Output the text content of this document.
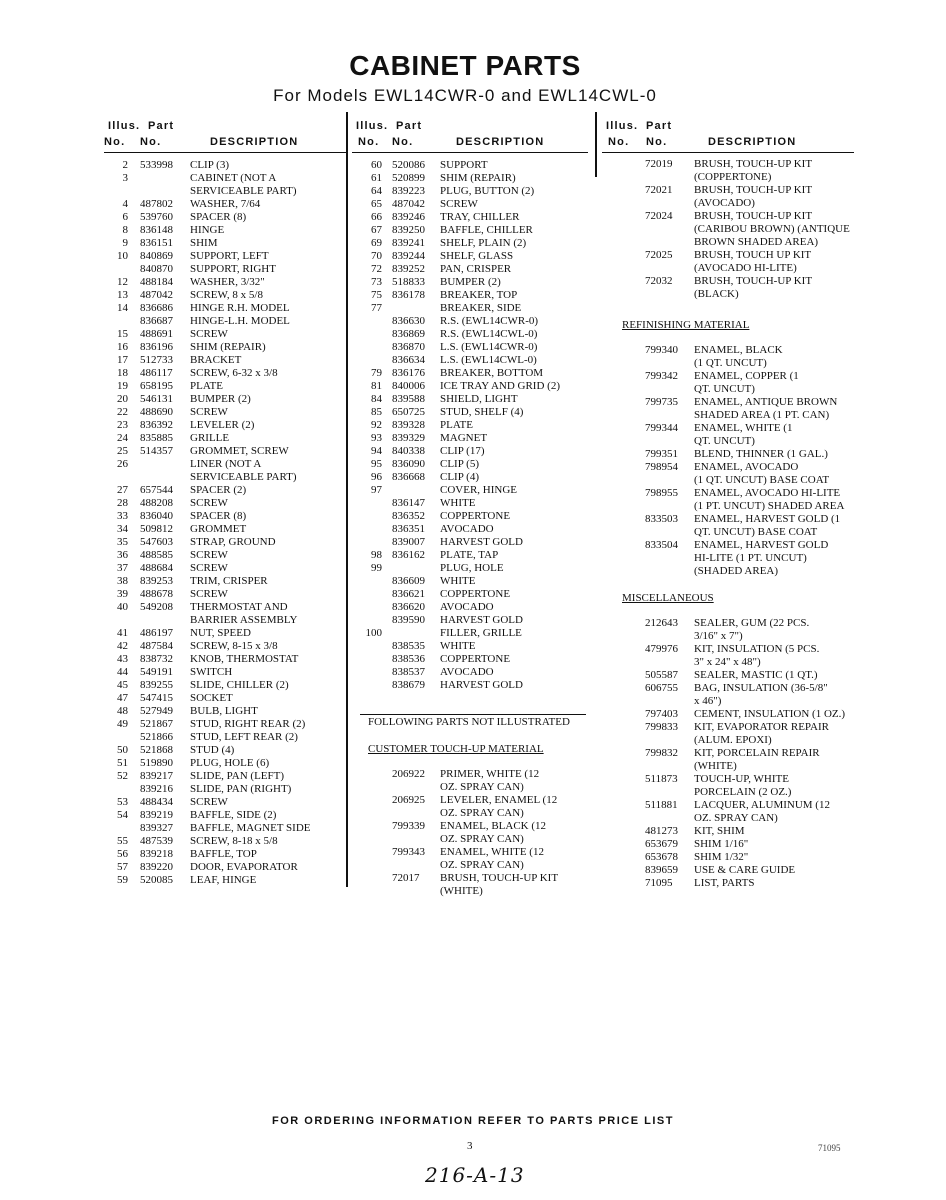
CABINET PARTS
For Models EWL14CWR-0 and EWL14CWL-0
Illus. Part
No. No.	DESCRIPTION
2 533998 CLIP (3)
3	CABINET (NOT A
SERVICEABLE PART)
4 487802 WASHER, 7/64
6 539760 SPACER (8)
8 836148 HINGE
9 836151 SHIM
10 840869 SUPPORT, LEFT
840870 SUPPORT, RIGHT
12 488184 WASHER, 3/32"
13 487042 SCREW, 8 x 5/8
14 836686 HINGE R.H. MODEL
836687 HINGE-L.H. MODEL
15 488691 SCREW
16 836196 SHIM (REPAIR)
17 512733 BRACKET
18 486117 SCREW, 6-32 x 3/8
19 658195 PLATE
20 546131 BUMPER (2)
22 488690 SCREW
23 836392 LEVELER (2)
24 835885 GRILLE
25 514357 GROMMET, SCREW
26	LINER (NOT A
SERVICEABLE PART)
27 657544 SPACER (2)
28 488208 SCREW
33 836040 SPACER (8)
34 509812 GROMMET
35 547603 STRAP, GROUND
36 488585 SCREW
37 488684 SCREW
38 839253 TRIM, CRISPER
39 488678 SCREW
40 549208 THERMOSTAT AND
BARRIER ASSEMBLY
41 486197 NUT, SPEED
42 487584 SCREW, 8-15 x 3/8
43 838732 KNOB, THERMOSTAT
44 549191 SWITCH
45 839255 SLIDE, CHILLER (2)
47 547415 SOCKET
48 527949 BULB, LIGHT
49 521867 STUD, RIGHT REAR (2)
521866 STUD, LEFT REAR (2)
50 521868 STUD (4)
51 519890 PLUG, HOLE (6)
52 839217 SLIDE, PAN (LEFT)
839216 SLIDE, PAN (RIGHT)
53 488434 SCREW
54 839219 BAFFLE, SIDE (2)
839327 BAFFLE, MAGNET SIDE
55 487539 SCREW, 8-18 x 5/8
56 839218 BAFFLE, TOP
57 839220 DOOR, EVAPORATOR
59 520085 LEAF, HINGE
Illus. Part
No. No.	DESCRIPTION
60 520086 SUPPORT
61 520899 SHIM (REPAIR)
64 839223 PLUG, BUTTON (2)
65 487042 SCREW
66 839246 TRAY, CHILLER
67 839250 BAFFLE, CHILLER
69 839241 SHELF, PLAIN (2)
70 839244 SHELF, GLASS
72 839252 PAN, CRISPER
73 518833 BUMPER (2)
75 836178 BREAKER, TOP
77	BREAKER, SIDE
836630 R.S. (EWL14CWR-0)
836869 R.S. (EWL14CWL-0)
836870 L.S. (EWL14CWR-0)
836634 L.S. (EWL14CWL-0)
79 836176 BREAKER, BOTTOM
81 840006 ICE TRAY AND GRID (2)
84 839588 SHIELD, LIGHT
85 650725 STUD, SHELF (4)
92 839328 PLATE
93 839329 MAGNET
94 840338 CLIP (17)
95 836090 CLIP (5)
96 836668 CLIP (4)
97	COVER, HINGE
836147 WHITE
836352 COPPERTONE
836351 AVOCADO
839007 HARVEST GOLD
98 836162 PLATE, TAP
99	PLUG, HOLE
836609 WHITE
836621 COPPERTONE
836620 AVOCADO
839590 HARVEST GOLD
100	FILLER, GRILLE
838535 WHITE
838536 COPPERTONE
838537 AVOCADO
838679 HARVEST GOLD
FOLLOWING PARTS NOT ILLUSTRATED
CUSTOMER TOUCH-UP MATERIAL
206922 PRIMER, WHITE (12
OZ. SPRAY CAN)
206925 LEVELER, ENAMEL (12
OZ. SPRAY CAN)
799339 ENAMEL, BLACK (12
OZ. SPRAY CAN)
799343 ENAMEL, WHITE (12
OZ. SPRAY CAN)
72017 BRUSH, TOUCH-UP KIT
(WHITE)
Illus. Part
No. No.	DESCRIPTION
72019 BRUSH, TOUCH-UP KIT
(COPPERTONE)
72021 BRUSH, TOUCH-UP KIT
(AVOCADO)
72024 BRUSH, TOUCH-UP KIT
(CARIBOU BROWN) (ANTIQUE
BROWN SHADED AREA)
72025 BRUSH, TOUCH UP KIT
(AVOCADO HI-LITE)
72032 BRUSH, TOUCH-UP KIT
(BLACK)
REFINISHING MATERIAL
799340 ENAMEL, BLACK
(1 QT. UNCUT)
799342 ENAMEL, COPPER (1
QT. UNCUT)
799735 ENAMEL, ANTIQUE BROWN
SHADED AREA (1 PT. CAN)
799344 ENAMEL, WHITE (1
QT. UNCUT)
799351 BLEND, THINNER (1 GAL.)
798954 ENAMEL, AVOCADO
(1 QT. UNCUT) BASE COAT
798955 ENAMEL, AVOCADO HI-LITE
(1 PT. UNCUT) SHADED AREA
833503 ENAMEL, HARVEST GOLD (1
QT. UNCUT) BASE COAT
833504 ENAMEL, HARVEST GOLD
HI-LITE (1 PT. UNCUT)
(SHADED AREA)
MISCELLANEOUS
212643 SEALER, GUM (22 PCS.
3/16" x 7")
479976 KIT, INSULATION (5 PCS.
3" x 24" x 48")
505587 SEALER, MASTIC (1 QT.)
606755 BAG, INSULATION (36-5/8"
x 46")
797403 CEMENT, INSULATION (1 OZ.)
799833 KIT, EVAPORATOR REPAIR
(ALUM. EPOXI)
799832 KIT, PORCELAIN REPAIR
(WHITE)
511873 TOUCH-UP, WHITE
PORCELAIN (2 OZ.)
511881 LACQUER, ALUMINUM (12
OZ. SPRAY CAN)
481273 KIT, SHIM
653679 SHIM 1/16"
653678 SHIM 1/32"
839659 USE & CARE GUIDE
71095 LIST, PARTS
FOR ORDERING INFORMATION REFER TO PARTS PRICE LIST
3	71095
216-A-13
